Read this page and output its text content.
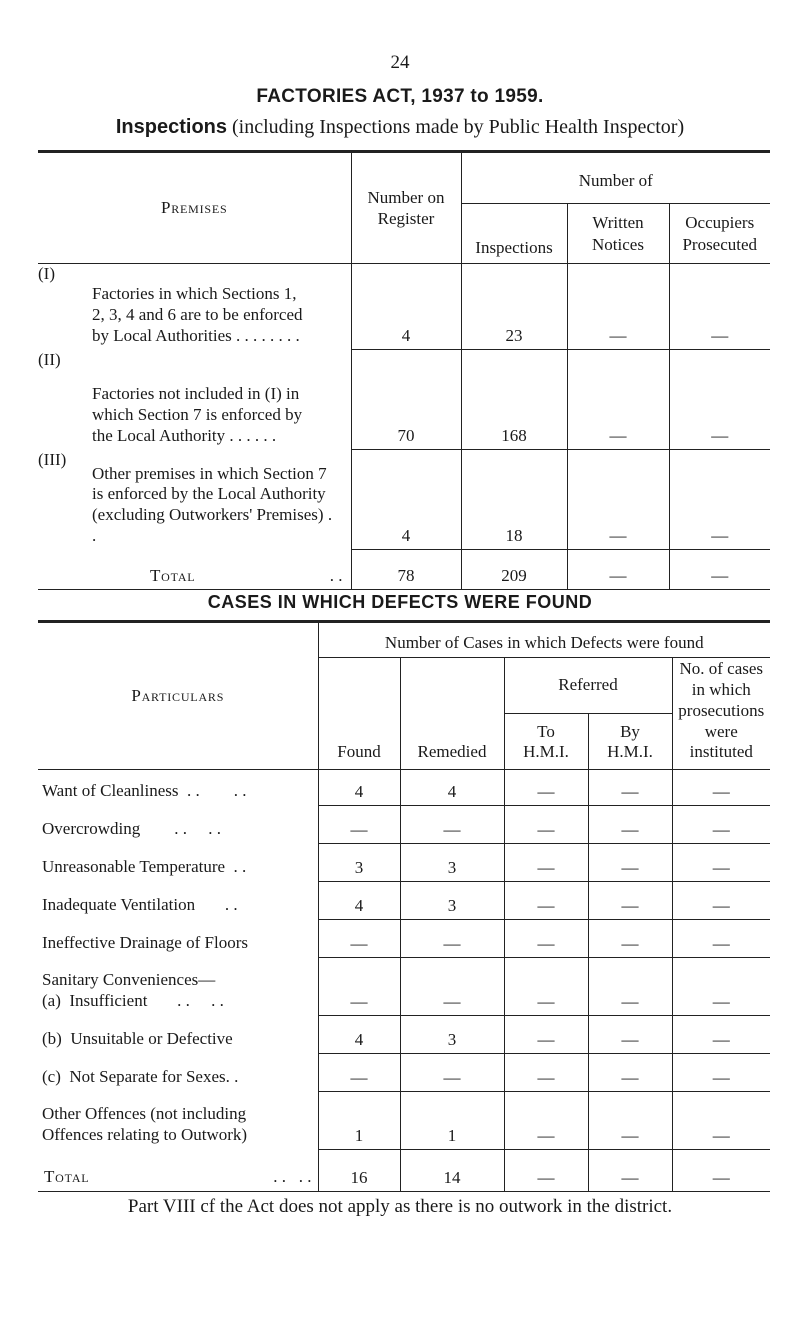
24
FACTORIES ACT, 1937 to 1959.
Inspections (including Inspections made by Public Health Inspector)
Premises	Number on Register	Number of		
		Inspections	Written Notices	Occupiers Prosecuted

(I)
Factories in which Sections 1, 2, 3, 4 and 6 are to be enforced by Local Authorities . . . . . . . .	4	23	—	—

(II)
Factories not included in (I) in which Section 7 is enforced by the Local Authority . . . . . .	70	168	—	—

(III)
Other premises in which Section 7 is enforced by the Local Authority (excluding Outworkers' Premises) . .	4	18	—	—
Total . .	78	209	—	—
CASES IN WHICH DEFECTS WERE FOUND
Particulars	Number of Cases in which Defects were found				
	Found	Remedied	Referred		No. of cases in which prosecutions were instituted
			To H.M.I.	By H.M.I.	
Want of Cleanliness  . .        . .	4	4	—	—	—
Overcrowding        . .     . .	—	—	—	—	—
Unreasonable Temperature  . .	3	3	—	—	—
Inadequate Ventilation       . .	4	3	—	—	—
Ineffective Drainage of Floors	—	—	—	—	—
Sanitary Conveniences—
(a)  Insufficient       . .     . .	—	—	—	—	—
(b)  Unsuitable or Defective	4	3	—	—	—
(c)  Not Separate for Sexes. .	—	—	—	—	—
Other Offences (not including
Offences relating to Outwork)	1	1	—	—	—
Total . .   . .	16	14	—	—	—
Part VIII cf the Act does not apply as there is no outwork in the district.
